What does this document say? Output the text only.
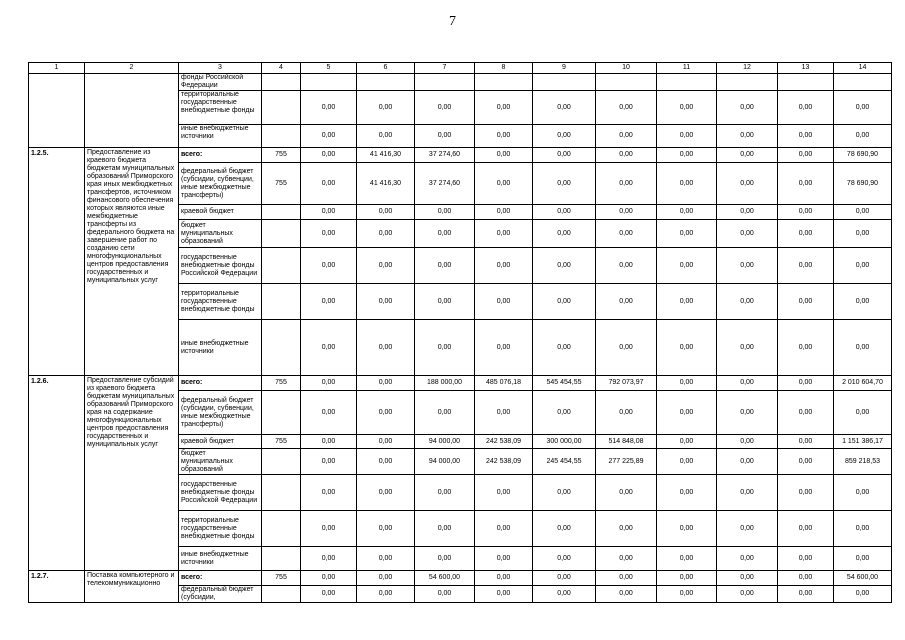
7
1	2	3	4	5	6	7	8	9	10	11	12	13	14
		фонды Российской Федерации											
		территориальные государственные внебюджетные фонды		0,00	0,00	0,00	0,00	0,00	0,00	0,00	0,00	0,00	0,00
		иные внебюджетные источники		0,00	0,00	0,00	0,00	0,00	0,00	0,00	0,00	0,00	0,00
1.2.5.	Предоставление из краевого бюджета бюджетам муниципальных образований Приморского края иных межбюджетных трансфертов, источником финансового обеспечения которых являются иные межбюджетные трансферты из федерального бюджета на завершение работ по созданию сети многофункциональных центров предоставления государственных и муниципальных услуг	всего:	755	0,00	41 416,30	37 274,60	0,00	0,00	0,00	0,00	0,00	0,00	78 690,90
		федеральный бюджет (субсидии, субвенции, иные межбюджетные трансферты)	755	0,00	41 416,30	37 274,60	0,00	0,00	0,00	0,00	0,00	0,00	78 690,90
		краевой бюджет		0,00	0,00	0,00	0,00	0,00	0,00	0,00	0,00	0,00	0,00
		бюджет муниципальных образований		0,00	0,00	0,00	0,00	0,00	0,00	0,00	0,00	0,00	0,00
		государственные внебюджетные фонды Российской Федерации		0,00	0,00	0,00	0,00	0,00	0,00	0,00	0,00	0,00	0,00
		территориальные государственные внебюджетные фонды		0,00	0,00	0,00	0,00	0,00	0,00	0,00	0,00	0,00	0,00
		иные внебюджетные источники		0,00	0,00	0,00	0,00	0,00	0,00	0,00	0,00	0,00	0,00
1.2.6.	Предоставление субсидий из краевого бюджета бюджетам муниципальных образований Приморского края на содержание многофункциональных центров предоставления государственных и муниципальных услуг	всего:	755	0,00	0,00	188 000,00	485 076,18	545 454,55	792 073,97	0,00	0,00	0,00	2 010 604,70
		федеральный бюджет (субсидии, субвенции, иные межбюджетные трансферты)		0,00	0,00	0,00	0,00	0,00	0,00	0,00	0,00	0,00	0,00
		краевой бюджет	755	0,00	0,00	94 000,00	242 538,09	300 000,00	514 848,08	0,00	0,00	0,00	1 151 386,17
		бюджет муниципальных образований		0,00	0,00	94 000,00	242 538,09	245 454,55	277 225,89	0,00	0,00	0,00	859 218,53
		государственные внебюджетные фонды Российской Федерации		0,00	0,00	0,00	0,00	0,00	0,00	0,00	0,00	0,00	0,00
		территориальные государственные внебюджетные фонды		0,00	0,00	0,00	0,00	0,00	0,00	0,00	0,00	0,00	0,00
		иные внебюджетные источники		0,00	0,00	0,00	0,00	0,00	0,00	0,00	0,00	0,00	0,00
1.2.7.	Поставка компьютерного и телекоммуникационно	всего:	755	0,00	0,00	54 600,00	0,00	0,00	0,00	0,00	0,00	0,00	54 600,00
		федеральный бюджет (субсидии,		0,00	0,00	0,00	0,00	0,00	0,00	0,00	0,00	0,00	0,00
